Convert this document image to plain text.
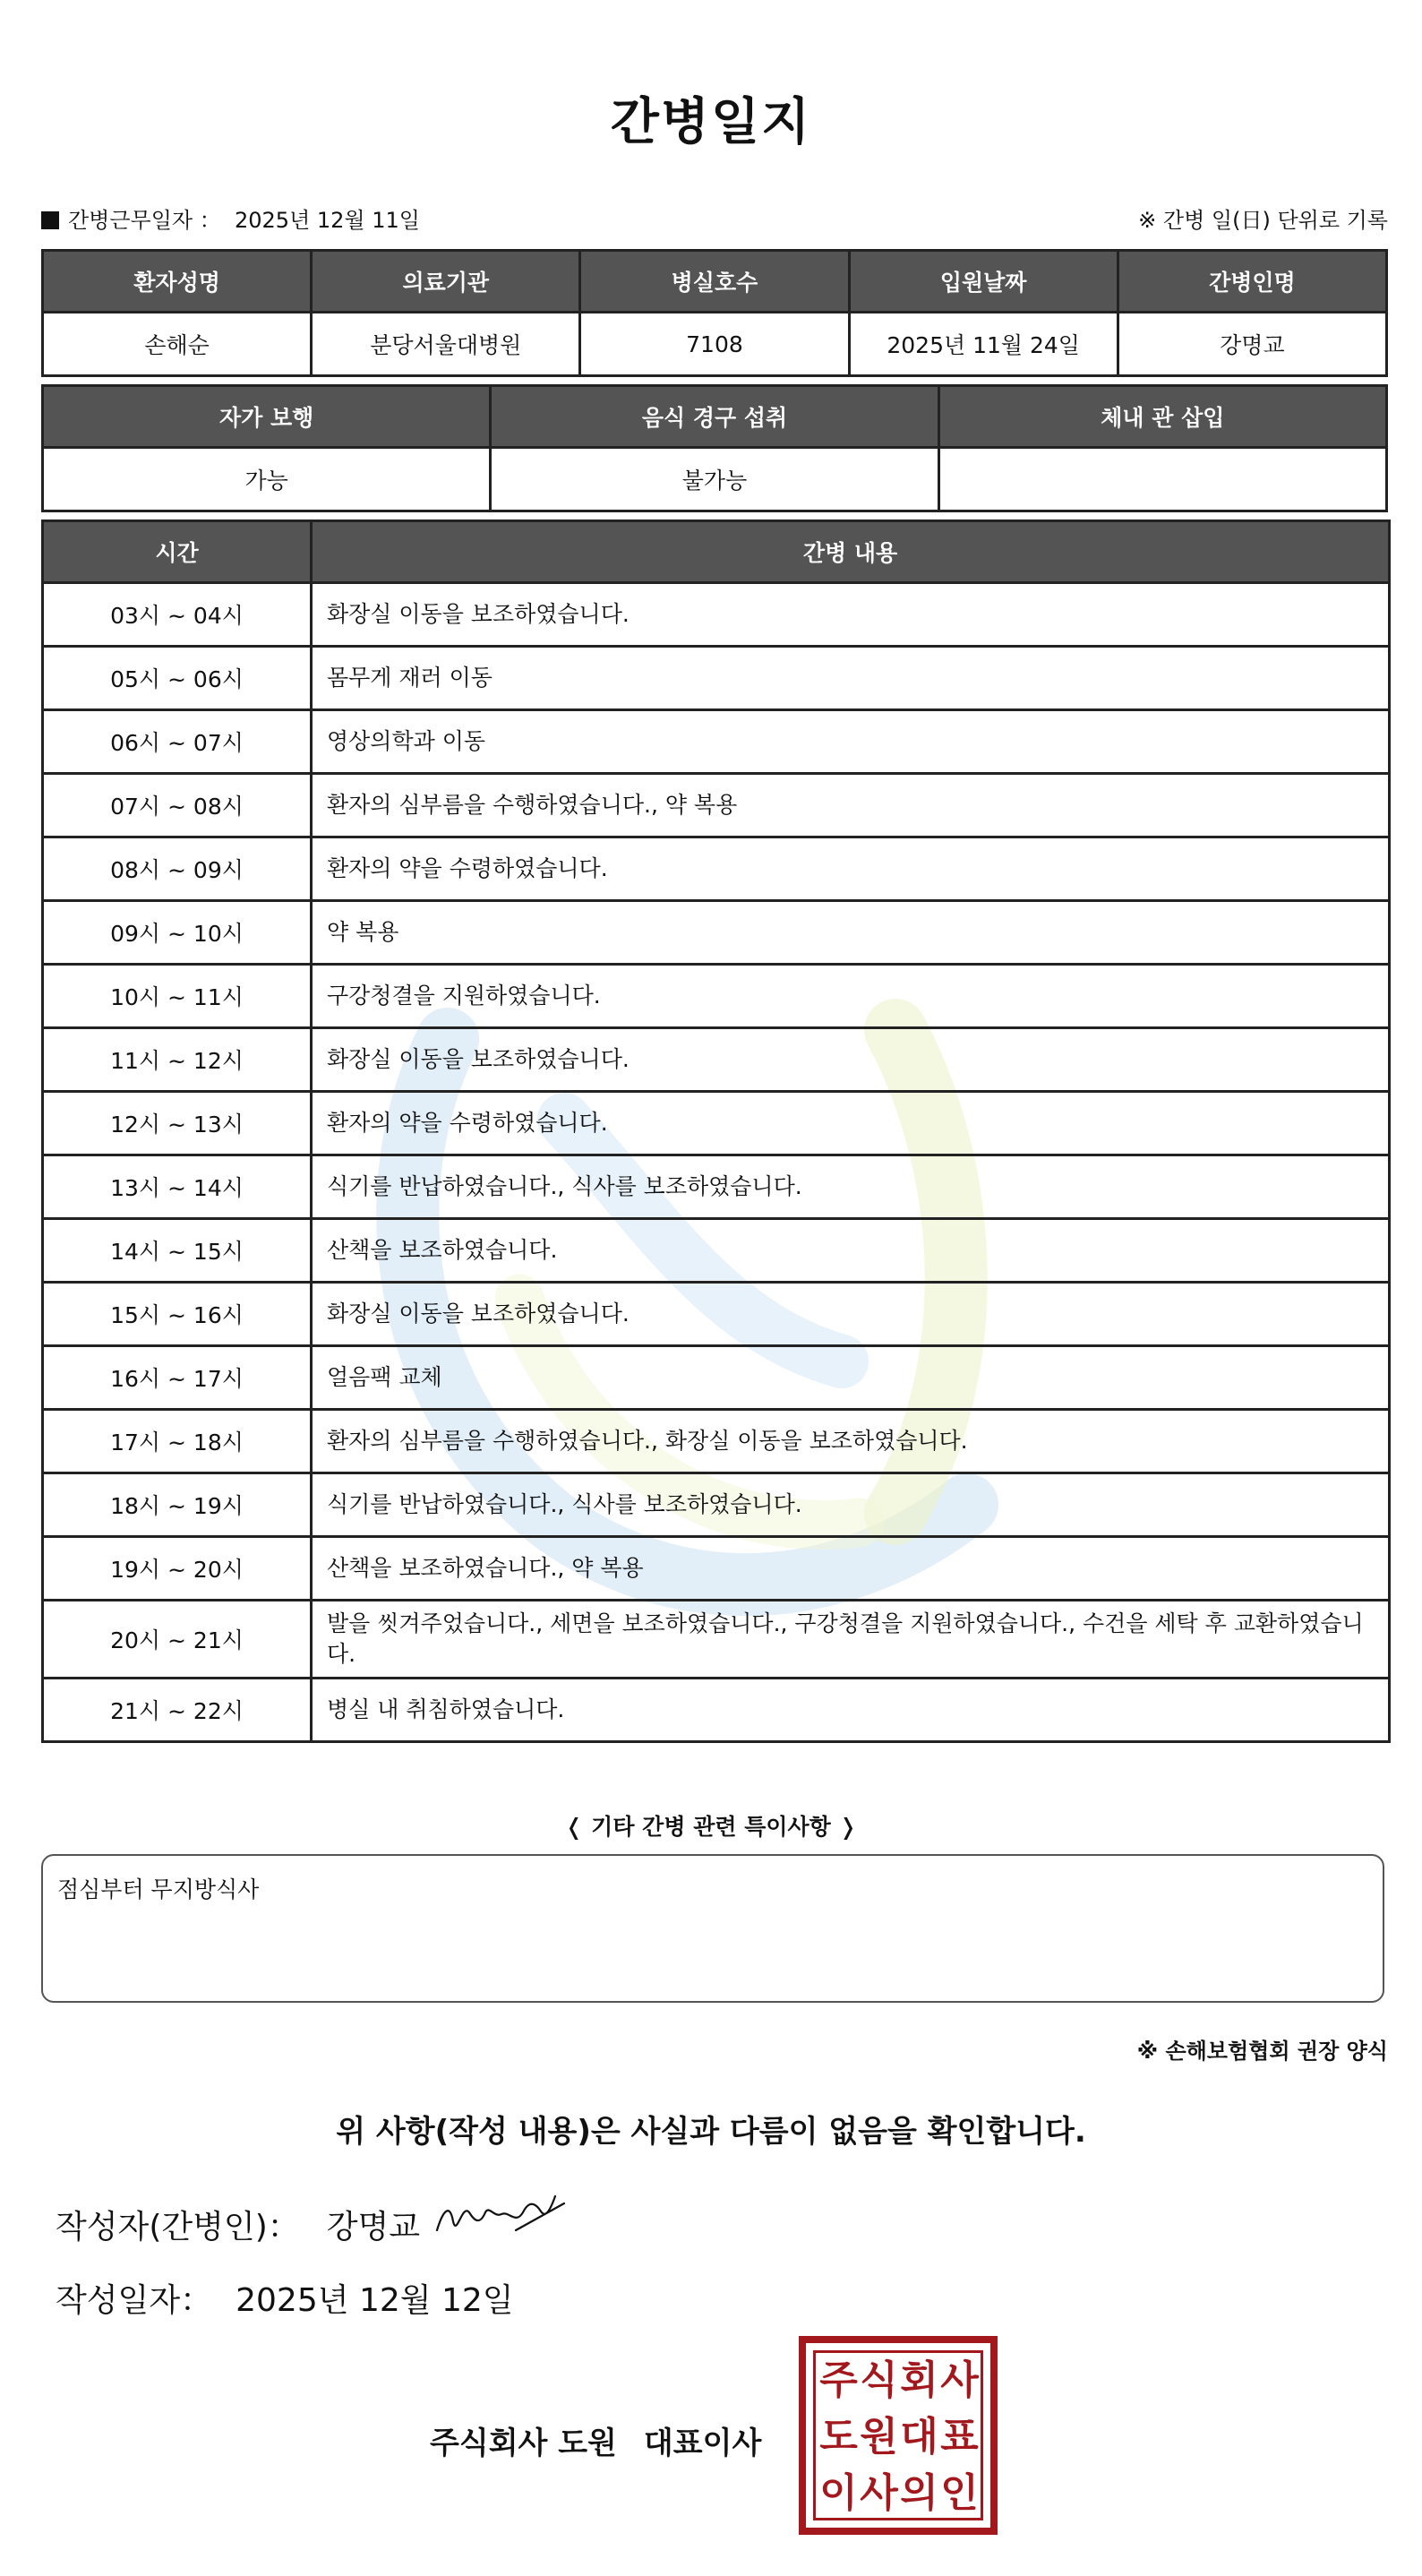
간병일지
간병근무일자 ： 2025년 12월 11일	※ 간병 일(日) 단위로 기록
환자성명	의료기관	병실호수	입원날짜	간병인명
손해순	분당서울대병원	7108	2025년 11월 24일	강명교
자가 보행	음식 경구 섭취	체내 관 삽입
가능	불가능	
시간	간병 내용
03시 ~ 04시	화장실 이동을 보조하였습니다.
05시 ~ 06시	몸무게 재러 이동
06시 ~ 07시	영상의학과 이동
07시 ~ 08시	환자의 심부름을 수행하였습니다., 약 복용
08시 ~ 09시	환자의 약을 수령하였습니다.
09시 ~ 10시	약 복용
10시 ~ 11시	구강청결을 지원하였습니다.
11시 ~ 12시	화장실 이동을 보조하였습니다.
12시 ~ 13시	환자의 약을 수령하였습니다.
13시 ~ 14시	식기를 반납하였습니다., 식사를 보조하였습니다.
14시 ~ 15시	산책을 보조하였습니다.
15시 ~ 16시	화장실 이동을 보조하였습니다.
16시 ~ 17시	얼음팩 교체
17시 ~ 18시	환자의 심부름을 수행하였습니다., 화장실 이동을 보조하였습니다.
18시 ~ 19시	식기를 반납하였습니다., 식사를 보조하였습니다.
19시 ~ 20시	산책을 보조하였습니다., 약 복용
20시 ~ 21시	발을 씻겨주었습니다., 세면을 보조하였습니다., 구강청결을 지원하였습니다., 수건을 세탁 후 교환하였습니다.
21시 ~ 22시	병실 내 취침하였습니다.
❬ 기타 간병 관련 특이사항 ❭
점심부터 무지방식사
※ 손해보험협회 권장 양식
위 사항(작성 내용)은 사실과 다름이 없음을 확인합니다.
작성자(간병인)： 강명교
작성일자： 2025년 12월 12일
주식회사 도원 대표이사
주 식 회 사
도 원 대 표
이 사 의 인
